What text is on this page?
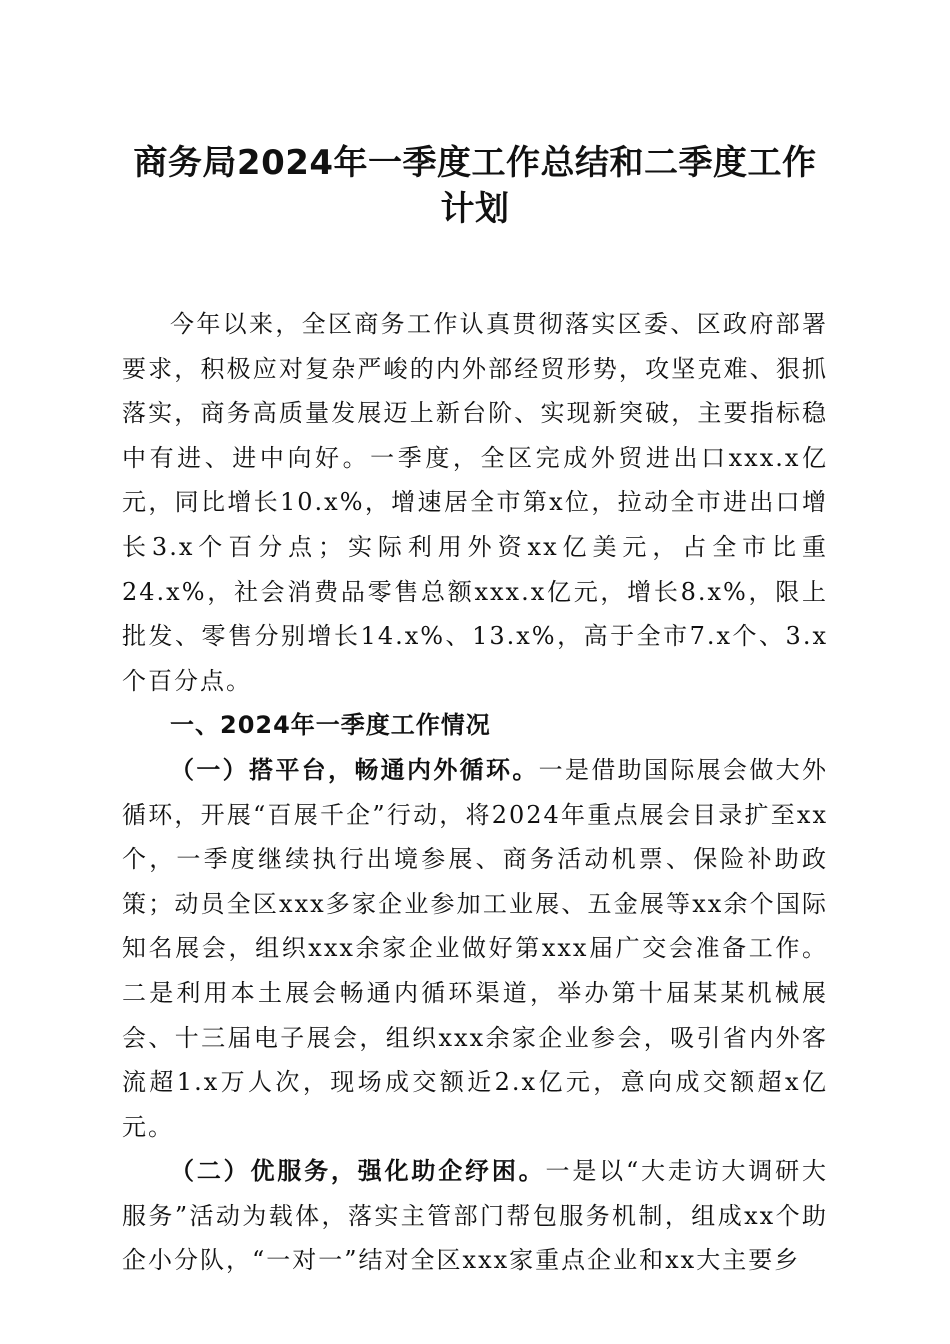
商务局2024年一季度工作总结和二季度工作
计划

今年以来，全区商务工作认真贯彻落实区委、区政府部署要求，积极应对复杂严峻的内外部经贸形势，攻坚克难、狠抓落实，商务高质量发展迈上新台阶、实现新突破，主要指标稳中有进、进中向好。一季度，全区完成外贸进出口xxx.x亿元，同比增长10.x%，增速居全市第x位，拉动全市进出口增长3.x个百分点；实际利用外资xx亿美元，占全市比重24.x%，社会消费品零售总额xxx.x亿元，增长8.x%，限上批发、零售分别增长14.x%、13.x%，高于全市7.x个、3.x个百分点。

一、2024年一季度工作情况

（一）搭平台，畅通内外循环。一是借助国际展会做大外循环，开展“百展千企”行动，将2024年重点展会目录扩至xx个，一季度继续执行出境参展、商务活动机票、保险补助政策；动员全区xxx多家企业参加工业展、五金展等xx余个国际知名展会，组织xxx余家企业做好第xxx届广交会准备工作。二是利用本土展会畅通内循环渠道，举办第十届某某机械展会、十三届电子展会，组织xxx余家企业参会，吸引省内外客流超1.x万人次，现场成交额近2.x亿元，意向成交额超x亿元。

（二）优服务，强化助企纾困。一是以“大走访大调研大服务”活动为载体，落实主管部门帮包服务机制，组成xx个助企小分队，“一对一”结对全区xxx家重点企业和xx大主要乡
